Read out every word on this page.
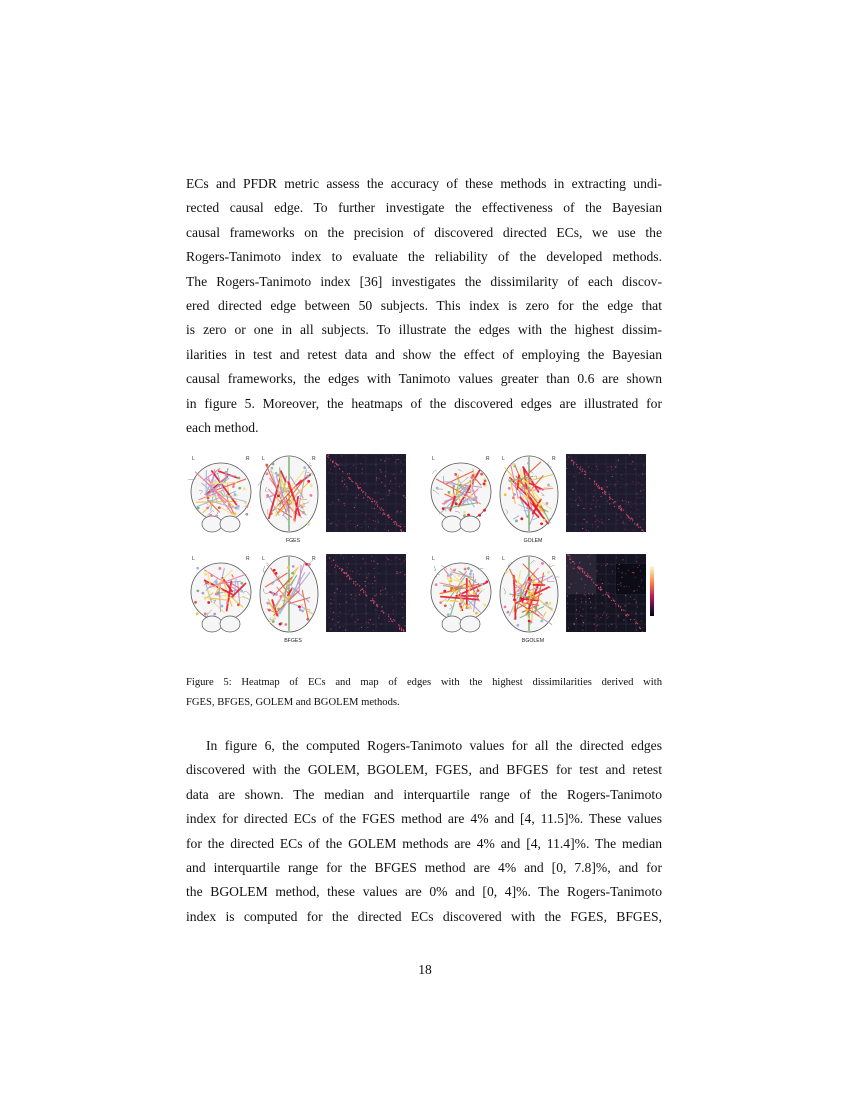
ECs and PFDR metric assess the accuracy of these methods in extracting undi-
rected causal edge. To further investigate the effectiveness of the Bayesian
causal frameworks on the precision of discovered directed ECs, we use the
Rogers-Tanimoto index to evaluate the reliability of the developed methods.
The Rogers-Tanimoto index [36] investigates the dissimilarity of each discov-
ered directed edge between 50 subjects. This index is zero for the edge that
is zero or one in all subjects. To illustrate the edges with the highest dissim-
ilarities in test and retest data and show the effect of employing the Bayesian
causal frameworks, the edges with Tanimoto values greater than 0.6 are shown
in figure 5. Moreover, the heatmaps of the discovered edges are illustrated for
each method.
L	R L	R
FGES
L	R L	R
GOLEM
L	R L	R
BFGES
L	R L	R
BGOLEM
Figure 5: Heatmap of ECs and map of edges with the highest dissimilarities derived with
FGES, BFGES, GOLEM and BGOLEM methods.
In figure 6, the computed Rogers-Tanimoto values for all the directed edges
discovered with the GOLEM, BGOLEM, FGES, and BFGES for test and retest
data are shown. The median and interquartile range of the Rogers-Tanimoto
index for directed ECs of the FGES method are 4% and [4, 11.5]%. These values
for the directed ECs of the GOLEM methods are 4% and [4, 11.4]%. The median
and interquartile range for the BFGES method are 4% and [0, 7.8]%, and for
the BGOLEM method, these values are 0% and [0, 4]%. The Rogers-Tanimoto
index is computed for the directed ECs discovered with the FGES, BFGES,
18
